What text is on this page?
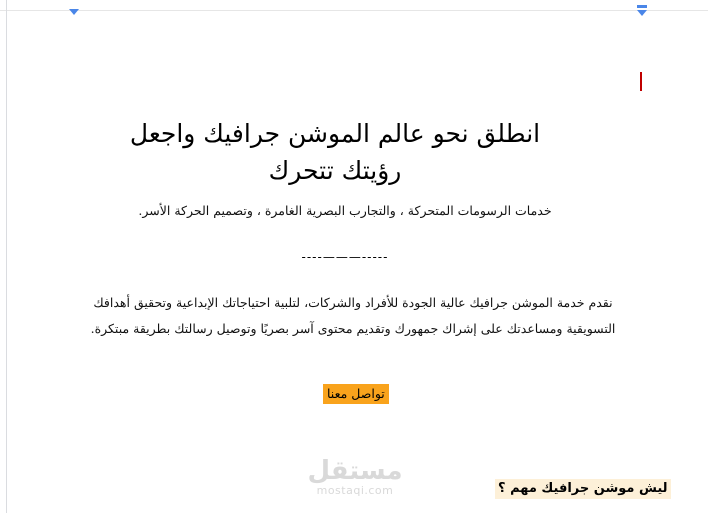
انطلق نحو عالم الموشن جرافيك واجعل رؤيتك تتحرك
خدمات الرسومات المتحركة ، والتجارب البصرية الغامرة ، وتصميم الحركة الأسر.
----———-----
نقدم خدمة الموشن جرافيك عالية الجودة للأفراد والشركات، لتلبية احتياجاتك الإبداعية وتحقيق أهدافك التسويقية ومساعدتك على إشراك جمهورك وتقديم محتوى آسر بصريًا وتوصيل رسالتك بطريقة مبتكرة.
تواصل معنا
مستقل
mostaqi.com	ليش موشن جرافيك مهم ؟
